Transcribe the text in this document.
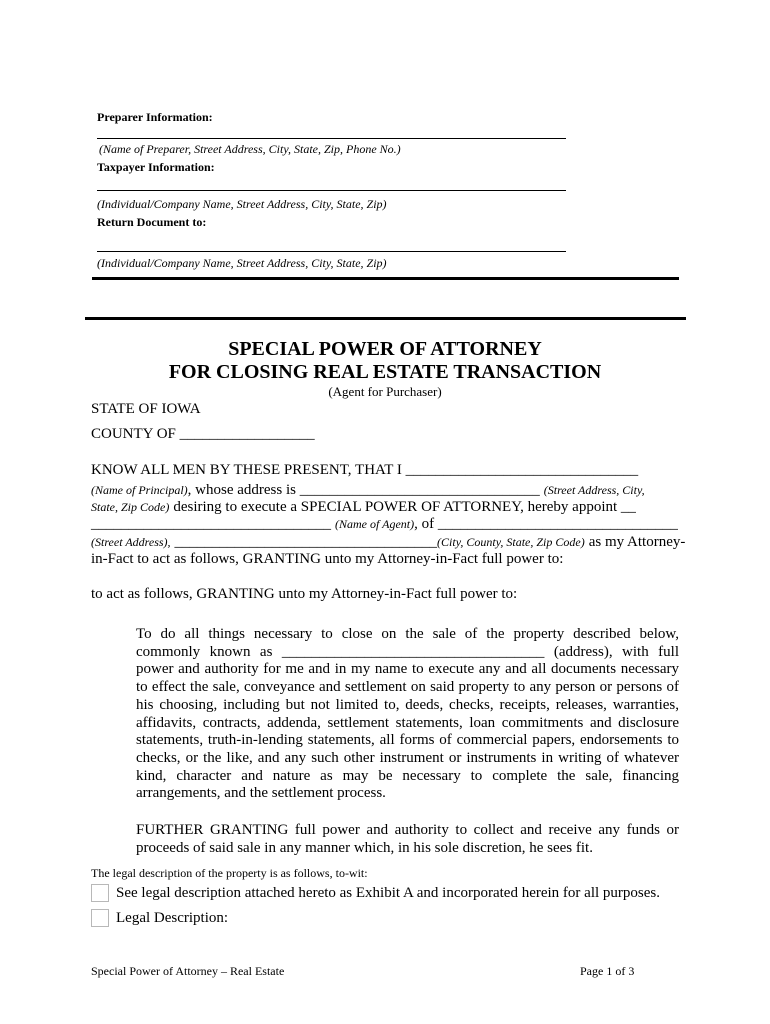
Preparer Information:
(Name of Preparer, Street Address, City, State, Zip, Phone No.)
Taxpayer Information:
(Individual/Company Name, Street Address, City, State, Zip)
Return Document to:
(Individual/Company Name, Street Address, City, State, Zip)
SPECIAL POWER OF ATTORNEY
FOR CLOSING REAL ESTATE TRANSACTION
(Agent for Purchaser)
STATE OF IOWA
COUNTY OF __________________
KNOW ALL MEN BY THESE PRESENT, THAT I _______________________________
(Name of Principal), whose address is ________________________________ (Street Address, City,
State, Zip Code) desiring to execute a SPECIAL POWER OF ATTORNEY, hereby appoint __
________________________________ (Name of Agent), of ________________________________
(Street Address), ___________________________________(City, County, State, Zip Code) as my Attorney-
in-Fact to act as follows, GRANTING unto my Attorney-in-Fact full power to:
to act as follows, GRANTING unto my Attorney-in-Fact full power to:
To do all things necessary to close on the sale of the property described below,
commonly known as ___________________________________ (address), with full
power and authority for me and in my name to execute any and all documents necessary to effect the sale, conveyance and settlement on said property to any person or persons of his choosing, including but not limited to, deeds, checks, receipts, releases, warranties, affidavits, contracts, addenda, settlement statements, loan commitments and disclosure statements, truth-in-lending statements, all forms of commercial papers, endorsements to checks, or the like, and any such other instrument or instruments in writing of whatever kind, character and nature as may be necessary to complete the sale, financing arrangements, and the settlement process.
FURTHER GRANTING full power and authority to collect and receive any funds or proceeds of said sale in any manner which, in his sole discretion, he sees fit.
The legal description of the property is as follows, to-wit:
See legal description attached hereto as Exhibit A and incorporated herein for all purposes.
Legal Description:
Special Power of Attorney – Real Estate	Page 1 of 3
